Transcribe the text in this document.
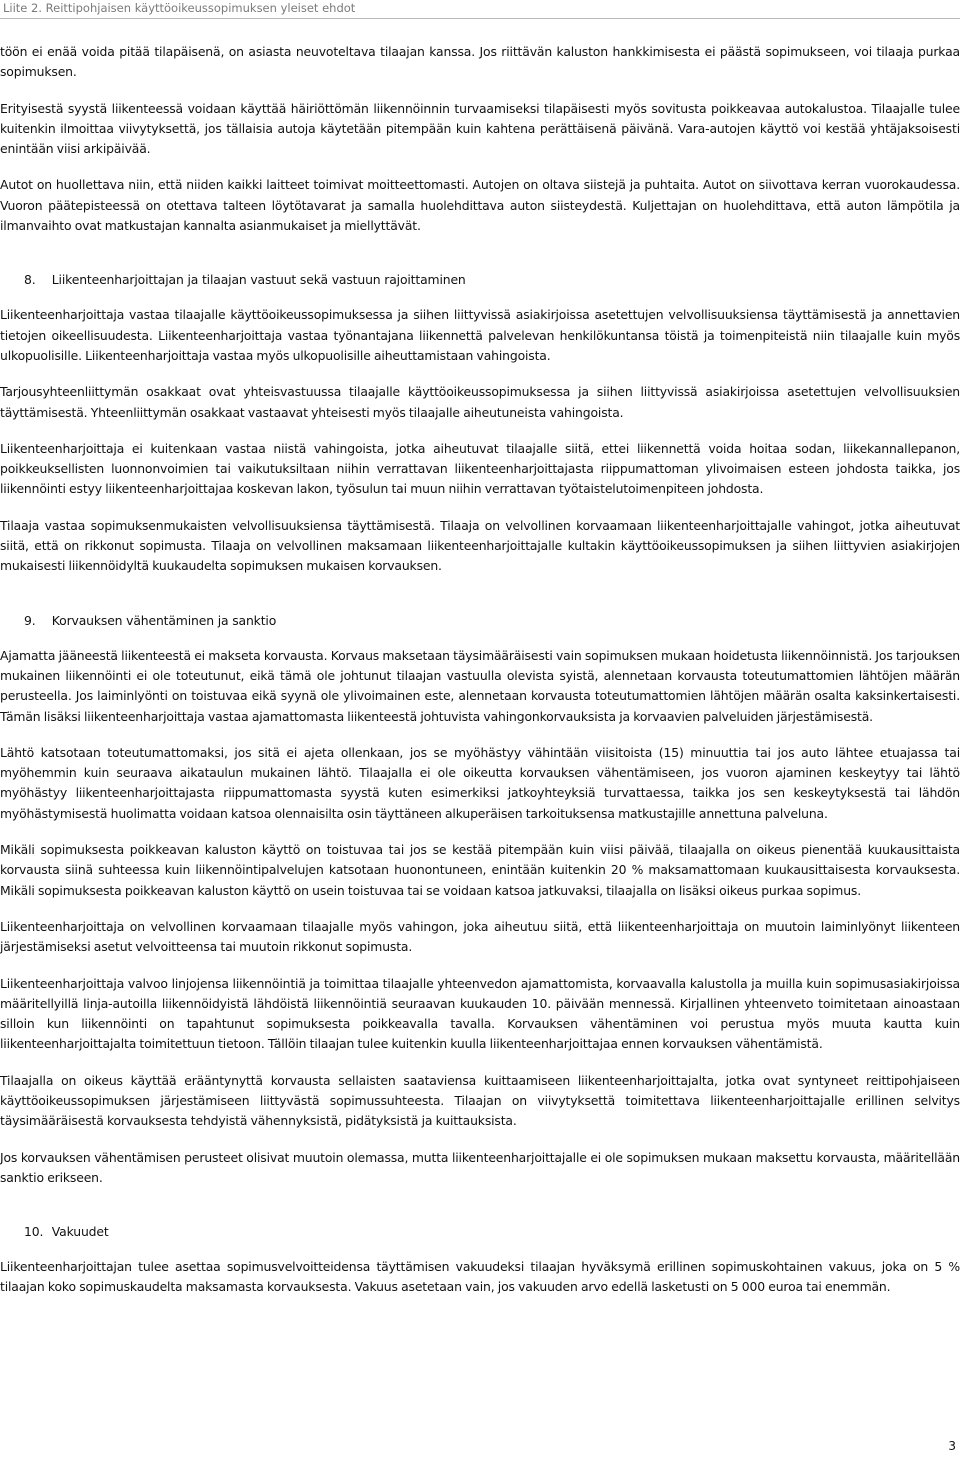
Liite 2. Reittipohjaisen käyttöoikeussopimuksen yleiset ehdot

töön ei enää voida pitää tilapäisenä, on asiasta neuvoteltava tilaajan kanssa. Jos riittävän kaluston hankkimisesta ei päästä sopimukseen, voi tilaaja purkaa sopimuksen.

Erityisestä syystä liikenteessä voidaan käyttää häiriöttömän liikennöinnin turvaamiseksi tilapäisesti myös sovitusta poikkeavaa autokalustoa. Tilaajalle tulee kuitenkin ilmoittaa viivytyksettä, jos tällaisia autoja käytetään pitempään kuin kahtena perättäisenä päivänä. Vara-autojen käyttö voi kestää yhtäjaksoisesti enintään viisi arkipäivää.

Autot on huollettava niin, että niiden kaikki laitteet toimivat moitteettomasti. Autojen on oltava siistejä ja puhtaita. Autot on siivottava kerran vuorokaudessa. Vuoron päätepisteessä on otettava talteen löytötavarat ja samalla huolehdittava auton siisteydestä. Kuljettajan on huolehdittava, että auton lämpötila ja ilmanvaihto ovat matkustajan kannalta asianmukaiset ja miellyttävät.

8. Liikenteenharjoittajan ja tilaajan vastuut sekä vastuun rajoittaminen

Liikenteenharjoittaja vastaa tilaajalle käyttöoikeussopimuksessa ja siihen liittyvissä asiakirjoissa asetettujen velvollisuuksiensa täyttämisestä ja annettavien tietojen oikeellisuudesta. Liikenteenharjoittaja vastaa työnantajana liikennettä palvelevan henkilökuntansa töistä ja toimenpiteistä niin tilaajalle kuin myös ulkopuolisille. Liikenteenharjoittaja vastaa myös ulkopuolisille aiheuttamistaan vahingoista.

Tarjousyhteenliittymän osakkaat ovat yhteisvastuussa tilaajalle käyttöoikeussopimuksessa ja siihen liittyvissä asiakirjoissa asetettujen velvollisuuksien täyttämisestä. Yhteenliittymän osakkaat vastaavat yhteisesti myös tilaajalle aiheutuneista vahingoista.

Liikenteenharjoittaja ei kuitenkaan vastaa niistä vahingoista, jotka aiheutuvat tilaajalle siitä, ettei liikennettä voida hoitaa sodan, liikekannallepanon, poikkeuksellisten luonnonvoimien tai vaikutuksiltaan niihin verrattavan liikenteenharjoittajasta riippumattoman ylivoimaisen esteen johdosta taikka, jos liikennöinti estyy liikenteenharjoittajaa koskevan lakon, työsulun tai muun niihin verrattavan työtaistelutoimenpiteen johdosta.

Tilaaja vastaa sopimuksenmukaisten velvollisuuksiensa täyttämisestä. Tilaaja on velvollinen korvaamaan liikenteenharjoittajalle vahingot, jotka aiheutuvat siitä, että on rikkonut sopimusta. Tilaaja on velvollinen maksamaan liikenteenharjoittajalle kultakin käyttöoikeussopimuksen ja siihen liittyvien asiakirjojen mukaisesti liikennöidyltä kuukaudelta sopimuksen mukaisen korvauksen.

9. Korvauksen vähentäminen ja sanktio

Ajamatta jääneestä liikenteestä ei makseta korvausta. Korvaus maksetaan täysimääräisesti vain sopimuksen mukaan hoidetusta liikennöinnistä. Jos tarjouksen mukainen liikennöinti ei ole toteutunut, eikä tämä ole johtunut tilaajan vastuulla olevista syistä, alennetaan korvausta toteutumattomien lähtöjen määrän perusteella. Jos laiminlyönti on toistuvaa eikä syynä ole ylivoimainen este, alennetaan korvausta toteutumattomien lähtöjen määrän osalta kaksinkertaisesti. Tämän lisäksi liikenteenharjoittaja vastaa ajamattomasta liikenteestä johtuvista vahingonkorvauksista ja korvaavien palveluiden järjestämisestä.

Lähtö katsotaan toteutumattomaksi, jos sitä ei ajeta ollenkaan, jos se myöhästyy vähintään viisitoista (15) minuuttia tai jos auto lähtee etuajassa tai myöhemmin kuin seuraava aikataulun mukainen lähtö. Tilaajalla ei ole oikeutta korvauksen vähentämiseen, jos vuoron ajaminen keskeytyy tai lähtö myöhästyy liikenteenharjoittajasta riippumattomasta syystä kuten esimerkiksi jatkoyhteyksiä turvattaessa, taikka jos sen keskeytyksestä tai lähdön myöhästymisestä huolimatta voidaan katsoa olennaisilta osin täyttäneen alkuperäisen tarkoituksensa matkustajille annettuna palveluna.

Mikäli sopimuksesta poikkeavan kaluston käyttö on toistuvaa tai jos se kestää pitempään kuin viisi päivää, tilaajalla on oikeus pienentää kuukausittaista korvausta siinä suhteessa kuin liikennöintipalvelujen katsotaan huonontuneen, enintään kuitenkin 20 % maksamattomaan kuukausittaisesta korvauksesta. Mikäli sopimuksesta poikkeavan kaluston käyttö on usein toistuvaa tai se voidaan katsoa jatkuvaksi, tilaajalla on lisäksi oikeus purkaa sopimus.

Liikenteenharjoittaja on velvollinen korvaamaan tilaajalle myös vahingon, joka aiheutuu siitä, että liikenteenharjoittaja on muutoin laiminlyönyt liikenteen järjestämiseksi asetut velvoitteensa tai muutoin rikkonut sopimusta.

Liikenteenharjoittaja valvoo linjojensa liikennöintiä ja toimittaa tilaajalle yhteenvedon ajamattomista, korvaavalla kalustolla ja muilla kuin sopimusasiakirjoissa määritellyillä linja-autoilla liikennöidyistä lähdöistä liikennöintiä seuraavan kuukauden 10. päivään mennessä. Kirjallinen yhteenveto toimitetaan ainoastaan silloin kun liikennöinti on tapahtunut sopimuksesta poikkeavalla tavalla. Korvauksen vähentäminen voi perustua myös muuta kautta kuin liikenteenharjoittajalta toimitettuun tietoon. Tällöin tilaajan tulee kuitenkin kuulla liikenteenharjoittajaa ennen korvauksen vähentämistä.

Tilaajalla on oikeus käyttää erääntynyttä korvausta sellaisten saataviensa kuittaamiseen liikenteenharjoittajalta, jotka ovat syntyneet reittipohjaiseen käyttöoikeussopimuksen järjestämiseen liittyvästä sopimussuhteesta. Tilaajan on viivytyksettä toimitettava liikenteenharjoittajalle erillinen selvitys täysimääräisestä korvauksesta tehdyistä vähennyksistä, pidätyksistä ja kuittauksista.

Jos korvauksen vähentämisen perusteet olisivat muutoin olemassa, mutta liikenteenharjoittajalle ei ole sopimuksen mukaan maksettu korvausta, määritellään sanktio erikseen.

10. Vakuudet

Liikenteenharjoittajan tulee asettaa sopimusvelvoitteidensa täyttämisen vakuudeksi tilaajan hyväksymä erillinen sopimuskohtainen vakuus, joka on 5 % tilaajan koko sopimuskaudelta maksamasta korvauksesta. Vakuus asetetaan vain, jos vakuuden arvo edellä lasketusti on 5 000 euroa tai enemmän.

3
